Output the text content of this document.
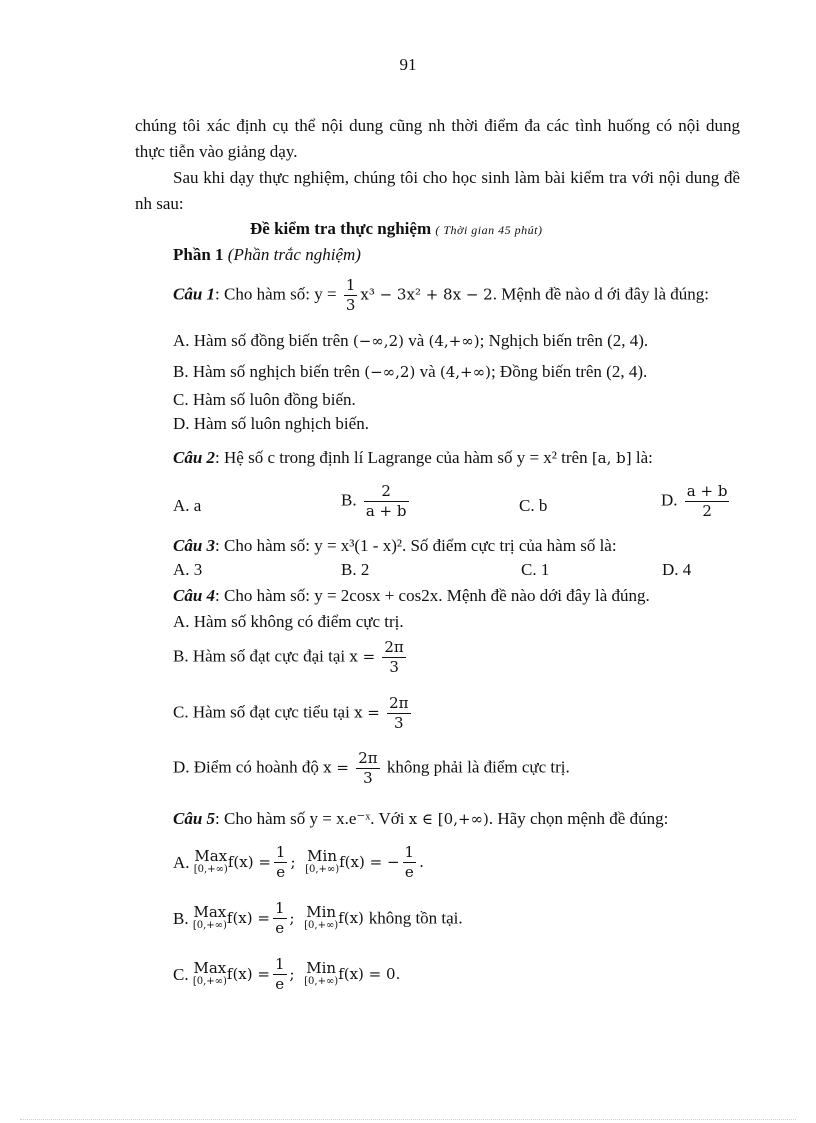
91
chúng tôi xác định cụ thể nội dung cũng nh thời điểm đa các tình huống có nội dung thực tiễn vào giảng dạy.
Sau khi dạy thực nghiệm, chúng tôi cho học sinh làm bài kiểm tra với nội dung đề nh sau:
Đề kiểm tra thực nghiệm ( Thời gian 45 phút)
Phần 1 (Phần trắc nghiệm)
Câu 1: Cho hàm số: $y = \frac{1}{3} x^3 - 3x^2 + 8x - 2$. Mệnh đề nào d ới đây là đúng:
A. Hàm số đồng biến trên (−∞,2) và (4,+∞); Nghịch biến trên (2, 4).
B. Hàm số nghịch biến trên (−∞,2) và (4,+∞); Đồng biến trên (2, 4).
C. Hàm số luôn đồng biến.
D. Hàm số luôn nghịch biến.
Câu 2: Hệ số c trong định lí Lagrange của hàm số y = x² trên [a, b] là:
A. a	B. $\frac{2}{a + b}$	C. b	D. $\frac{a + b}{2}$
Câu 3: Cho hàm số: y = x³(1 - x)². Số điểm cực trị của hàm số là:
A. 3	B. 2	C. 1	D. 4
Câu 4: Cho hàm số: y = 2cosx + cos2x. Mệnh đề nào dới đây là đúng.
A. Hàm số không có điểm cực trị.
B. Hàm số đạt cực đại tại $x = \frac{2\pi}{3}$
C. Hàm số đạt cực tiểu tại $x = \frac{2\pi}{3}$
D. Điểm có hoành độ $x = \frac{2\pi}{3}$ không phải là điểm cực trị.
Câu 5: Cho hàm số y = x.e⁻ˣ. Với x ∈ [0,+∞). Hãy chọn mệnh đề đúng:
A. Max
[0,+∞) $f(x) = \frac{1}{e}$ ; Min
[0,+∞) f(x) = − $\frac{1}{e}$ .
B. Max
[0,+∞) $f(x) = \frac{1}{e}$ ; Min
[0,+∞) f(x) không tồn tại.
C. Max
[0,+∞) $f(x) = \frac{1}{e}$ ; Min
[0,+∞) f(x) = 0.
